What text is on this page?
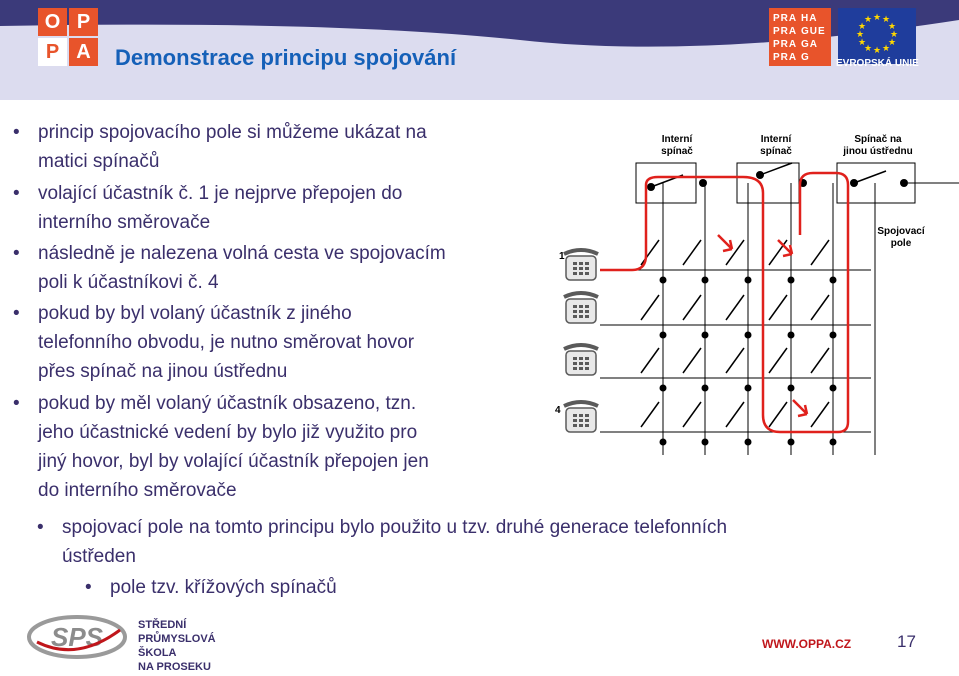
O P
P A	Demonstrace principu spojování
PRA HA
PRA GUE
PRA GA
PRA G
★ ★
★
★
★
★
★
★
★
★
★
★
EVROPSKÁ UNIE
• princip spojovacího pole si můžeme ukázat na
matici spínačů
• volající účastník č. 1 je nejprve přepojen do
interního směrovače
• následně je nalezena volná cesta ve spojovacím
poli k účastníkovi č. 4
• pokud by byl volaný účastník z jiného
telefonního obvodu, je nutno směrovat hovor
přes spínač na jinou ústřednu
• pokud by měl volaný účastník obsazeno, tzn.
jeho účastnické vedení by bylo již využito pro
jiný hovor, byl by volající účastník přepojen jen
do interního směrovače
• spojovací pole na tomto principu bylo použito u tzv. druhé generace telefonních
ústředen
• pole tzv. křížových spínačů
Interní
spínač
Interní
spínač
Spínač na
jinou ústřednu
Spojovací
pole
1
4
SPS	STŘEDNÍ
PRŮMYSLOVÁ
ŠKOLA
NA PROSEKU
WWW.OPPA.CZ	17
